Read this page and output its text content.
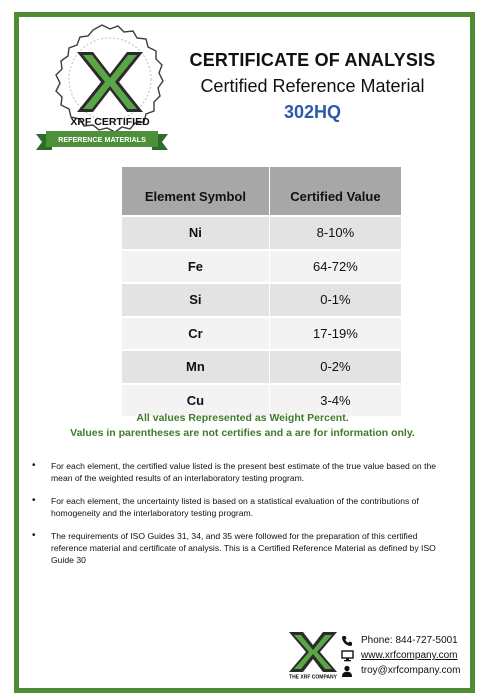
XRF CERTIFIED
REFERENCE MATERIALS
CERTIFICATE OF ANALYSIS
Certified Reference Material
302HQ
Element Symbol	Certified Value
Ni	8-10%
Fe	64-72%
Si	0-1%
Cr	17-19%
Mn	0-2%
Cu	3-4%
All values Represented as Weight Percent.
Values in parentheses are not certifies and a are for information only.
•	For each element, the certified value listed is the present best estimate of the true value based on the mean of the weighted results of an interlaboratory testing program.
•	For each element, the uncertainty listed is based on a statistical evaluation of the contributions of homogeneity and the interlaboratory testing program.
•	The requirements of ISO Guides 31, 34, and 35 were followed for the preparation of this certified reference material and certificate of analysis. This is a Certified Reference Material as defined by ISO Guide 30
THE XRF COMPANY
Phone: 844-727-5001
www.xrfcompany.com
troy@xrfcompany.com
